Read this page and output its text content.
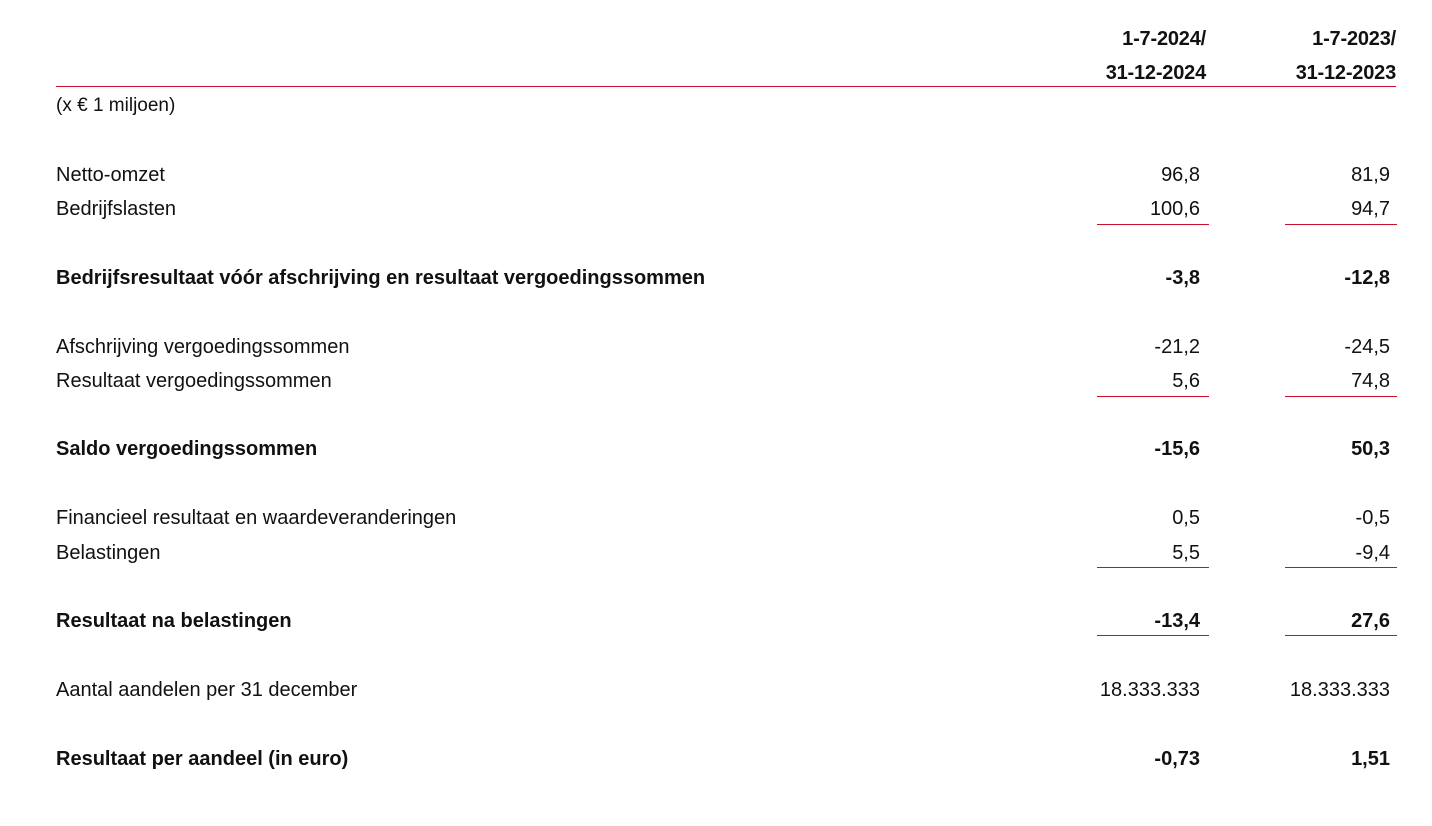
1-7-2024/
31-12-2024
1-7-2023/
31-12-2023
(x € 1 miljoen)
Netto-omzet	96,8	81,9
Bedrijfslasten	100,6	94,7
Bedrijfsresultaat vóór afschrijving en resultaat vergoedingssommen	-3,8	-12,8
Afschrijving vergoedingssommen	-21,2	-24,5
Resultaat vergoedingssommen	5,6	74,8
Saldo vergoedingssommen	-15,6	50,3
Financieel resultaat en waardeveranderingen	0,5	-0,5
Belastingen	5,5	-9,4
Resultaat na belastingen	-13,4	27,6
Aantal aandelen per 31 december	18.333.333	18.333.333
Resultaat per aandeel (in euro)	-0,73	1,51
